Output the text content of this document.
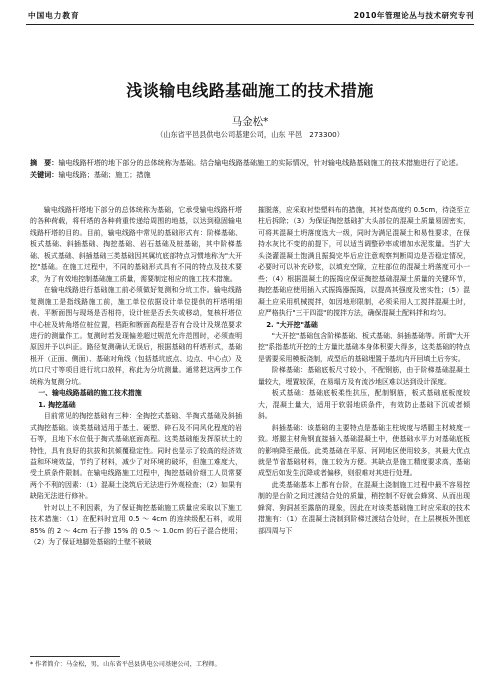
中国电力教育	2010年管理论丛与技术研究专刊
浅谈输电线路基础施工的技术措施
马金松*
（山东省平邑县供电公司基建公司，山东 平邑　273300）
摘　要：输电线路杆塔的地下部分的总体统称为基础。结合输电线路基础施工的实际情况，针对输电线路基础施工的技术措施进行了论述。
关键词：输电线路；基础；施工；措施

输电线路杆塔地下部分的总体统称为基础，它承受输电线路杆塔的各种荷载，将杆塔的各种荷重传递给周围的地基，以达到稳固输电线路杆塔的目的。目前，输电线路中常见的基础形式有：阶梯基础、板式基础、斜插基础、掏挖基础、岩石基础及桩基础，其中阶梯基础、板式基础、斜插基础三类基础因其属坑底部特点习惯地称为"大开挖"基础。在施工过程中，不同的基础形式具有不同的特点及技术要求，为了有效地控制基础施工质量，需要制定相应的施工技术措施。

在输电线路进行基础施工前必须做好复测和分坑工作。输电线路复测施工是指线路施工前，施工单位依据设计单位提供的杆塔明细表、平断面图与现场是否相符，设计桩是否丢失或移动，复核杆塔位中心桩及转角塔位桩位置，档距和断面高程是否有合设计及规范要求进行的测量作工。复测时若发现偏差超过规范允许范围时，必须查明原因并予以纠正。路径复测确认无误后，根据基础的杆塔形式，基础根开（正面、侧面）、基础对角线（包括基坑底点、边点、中心点）及坑口尺寸等项目进行坑口放样，称此为分坑测量。通常把这两步工作统称为复测分坑。

一、输电线路基础的施工技术措施

1. 掏挖基础

目前常见的掏挖基础有三种：全掏挖式基础、半掏式基础及斜插式掏挖基础。该类基础适用于基土、硬塑、碎石及不同风化程度的岩石等，且地下水位低于掏式基础底面高程。这类基础能发挥原状土的特性，具有良好的抗拔和抗倾覆稳定性。同时也显示了较高的经济效益和环境效益，节约了材料，减少了对环境的破坏，但施工难度大，受土质条件限制。在输电线路施工过程中，掏挖基础价细工人员常要两个不利的因素：（1）混凝土浇筑后无法进行外观检查；（2）如果有缺陷无法进行修补。

针对以上不利因素，为了保证掏挖基础施工质量应采取以下施工技术措施：（1）在配料时宜用 0.5 ～ 4cm 的连续级配石料，或用 85% 的 2 ～ 4cm 石子掺 15% 的 0.5 ～ 1.0cm 的石子混合使用；（2）为了保证地脚处基础的土壁不被破

摧脱落，应采取衬垫塑料布的措施，其衬垫高度约 0.5cm，待浇至立柱后拆除；（3）为保证掏挖基础扩大头部位的混凝土质量易固密实，可将其混凝土坍落度选大一级，同时为满足混凝土和易性要求，在保持水灰比不变的前提下，可以适当调整砂率或增加水泥浆量。当扩大头浇灌混凝土饱满且振捣完毕后应注意观察判断周边是否稳定情况，必要时可以补充砂浆，以填充空隙，立柱部位的混凝土坍落度可小一些；（4）根据混凝土的振捣应保证掏挖基础混凝土质量的关键环节，掏挖基础应使用插入式振捣器振捣，以提高其强度及密实性；（5）混凝土应采用机械搅拌，如因地形限制，必须采用人工搅拌混凝土时，应严格执行"三干四湿"的搅拌方法，确保混凝土配料拌和均匀。

2. "大开挖"基础

"大开挖"基础包含阶梯基础、板式基础、斜插基础等。所谓"大开挖"系指基坑开挖的土方量比基础本身体积要大得多，这类基础的特点是需要采用模板浇制，成型后的基础埋置于基坑内开回填土后夯实。

阶梯基础：基础底板尺寸较小，不配钢筋，由于阶梯基础混凝土量较大，埋置较深，在易塌方及有流沙地区难以达到设计深度。

板式基础：基础底板柔性抗压，配制钢筋，板式基础底板度较大，混凝土量大，适用于软弱地质条件，有效防止基础下沉或者倾斜。

斜插基础：该基础的主要特点是基础主柱坡度与塔腿主材坡度一致。塔腿主材角钢直接插入基础混凝土中，使基础水平力对基础底板的影响降至最低。此类基础在平原、河网地区使用较多，其最大优点就是节省基础材料，施工较为方便。其缺点是施工精度要求高，基础成型后如发生沉降或者偏移，则很难对其进行处理。

此类基础基本上都有台阶，在混凝土浇制施工过程中最不容易控制的是台阶之间过渡结合处的质量，稍控制不好就会蜂窝、从而出现蜂窝、狗洞甚至露筋的现象，因此在对该类基础施工时应采取的技术措施有：（1）在混凝土浇制到阶梯过渡结合处时，在上层模板外围底部四周与下

* 作者简介：马金松，男，山东省平邑县供电公司基建公司，工程师。
